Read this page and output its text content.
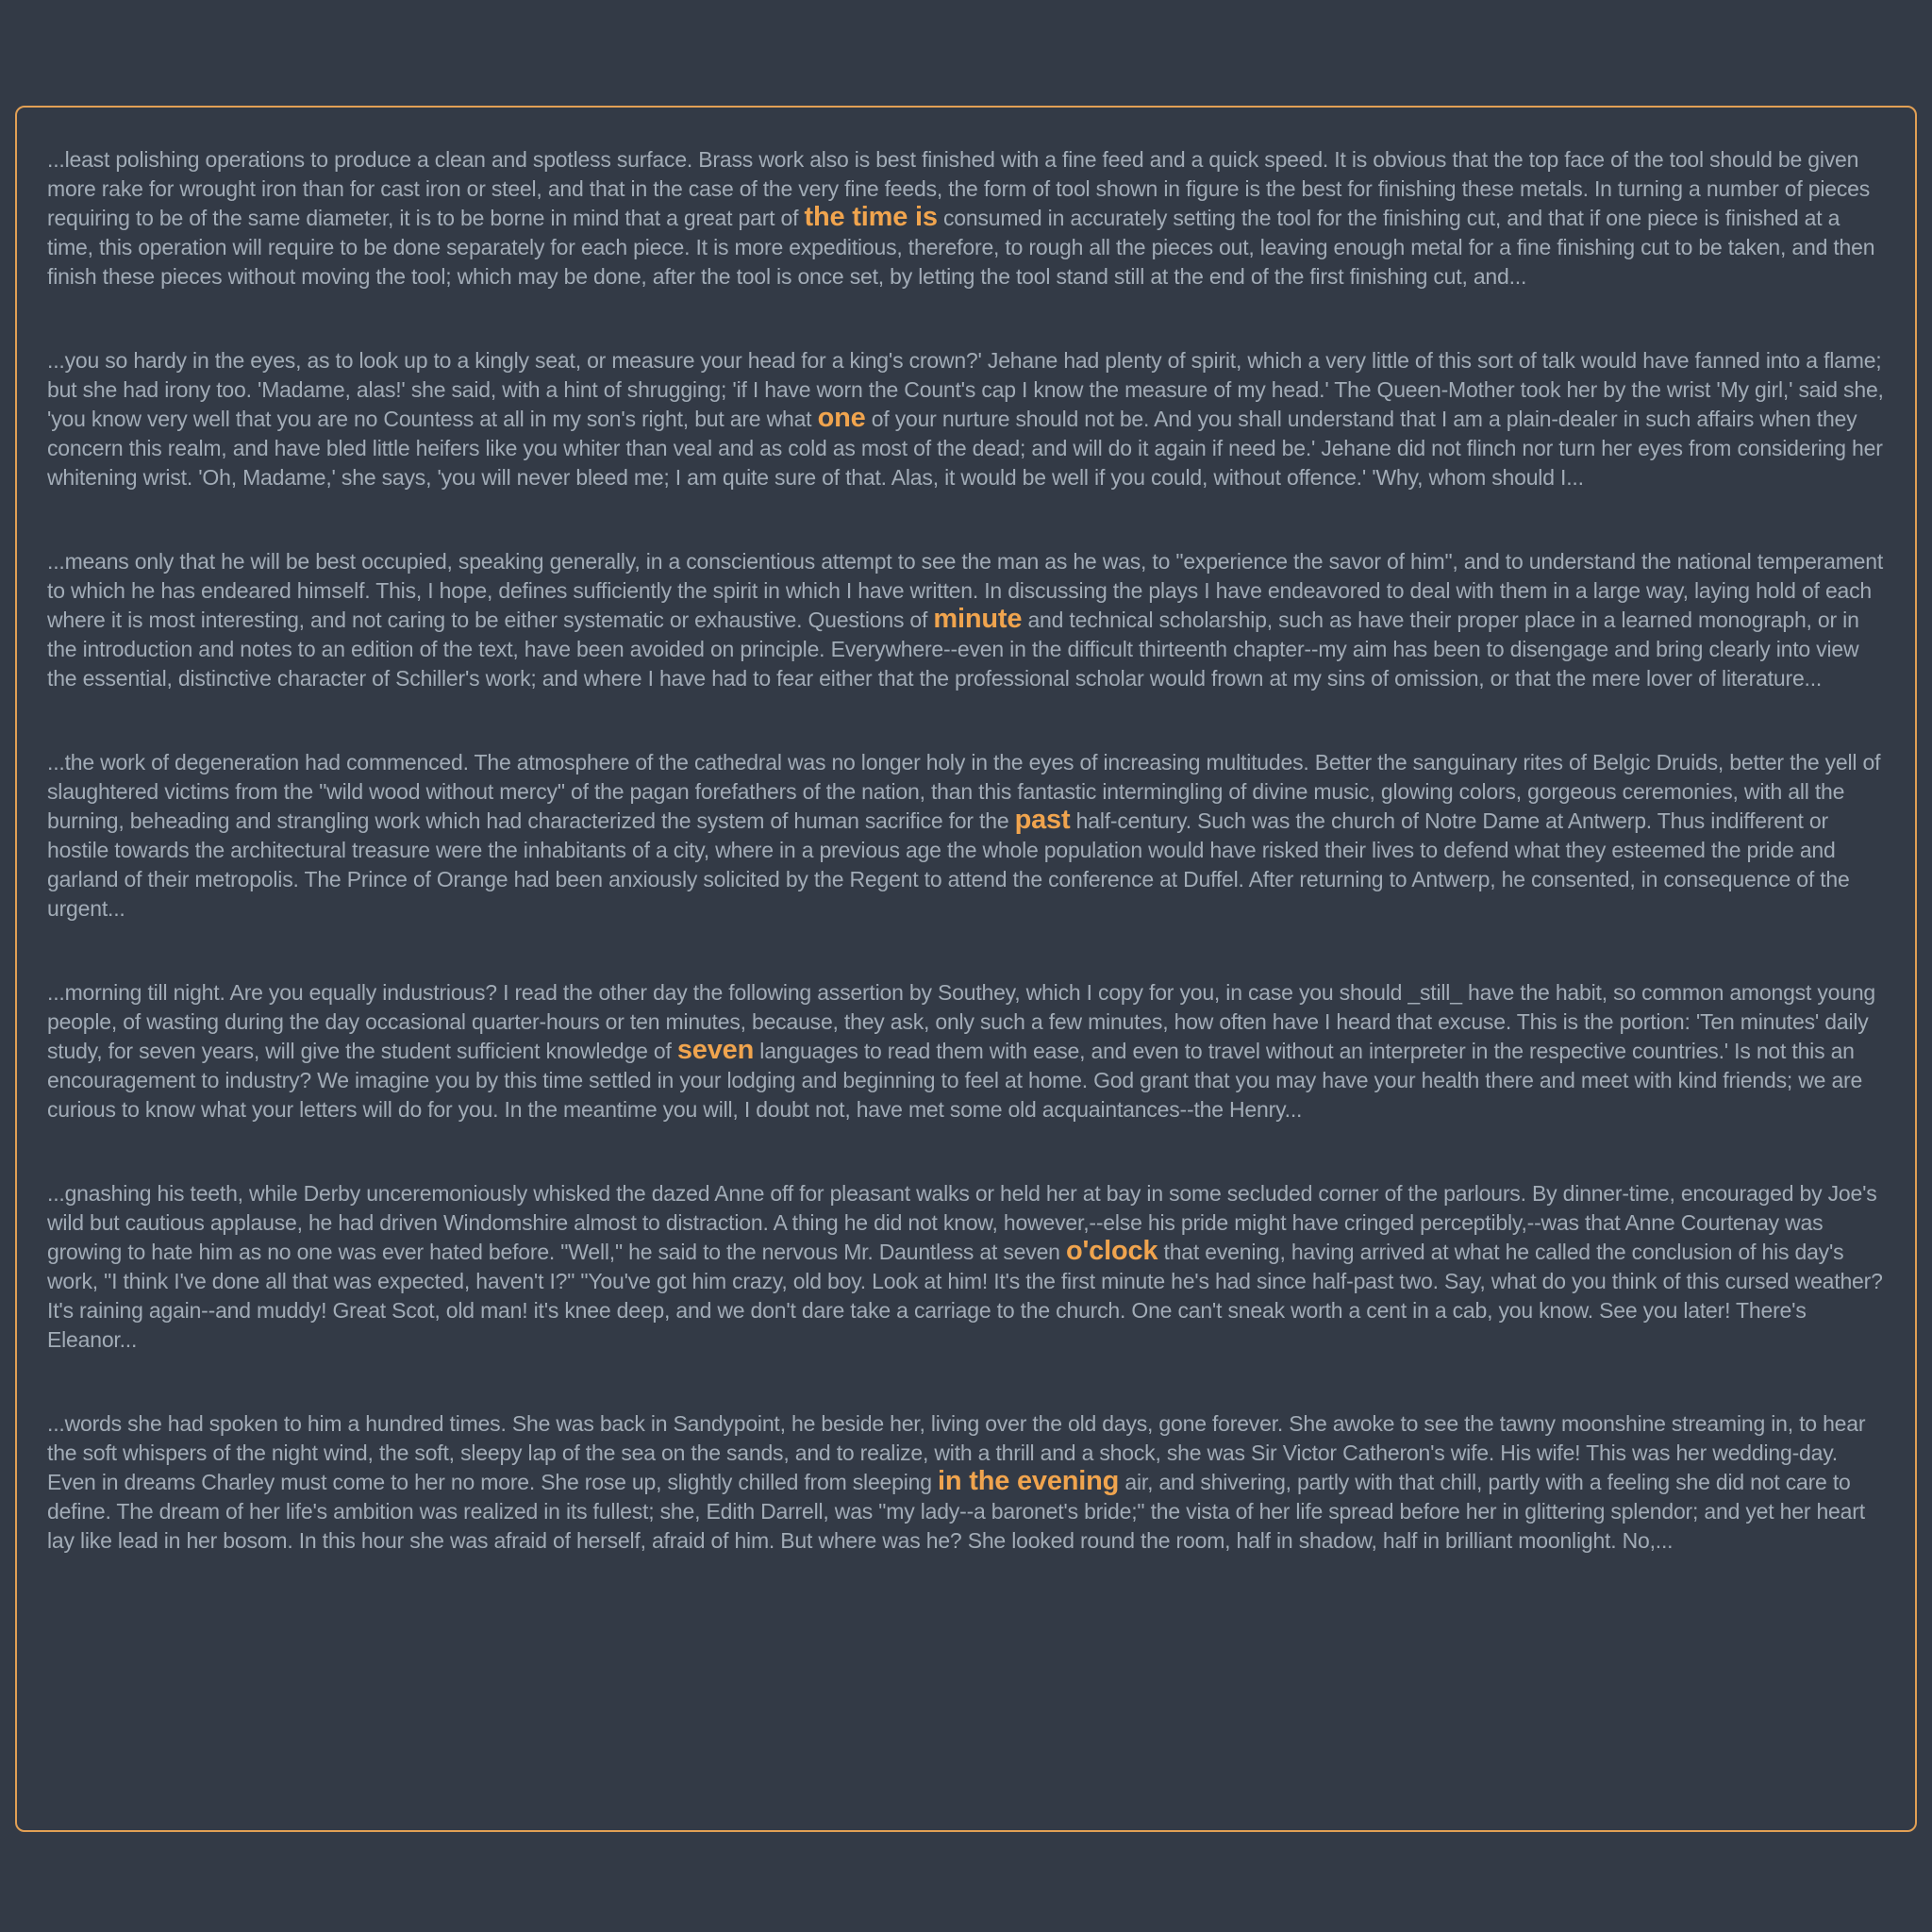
...least polishing operations to produce a clean and spotless surface. Brass work also is best finished with a fine feed and a quick speed. It is obvious that the top face of the tool should be given more rake for wrought iron than for cast iron or steel, and that in the case of the very fine feeds, the form of tool shown in figure is the best for finishing these metals. In turning a number of pieces requiring to be of the same diameter, it is to be borne in mind that a great part of the time is consumed in accurately setting the tool for the finishing cut, and that if one piece is finished at a time, this operation will require to be done separately for each piece. It is more expeditious, therefore, to rough all the pieces out, leaving enough metal for a fine finishing cut to be taken, and then finish these pieces without moving the tool; which may be done, after the tool is once set, by letting the tool stand still at the end of the first finishing cut, and...

...you so hardy in the eyes, as to look up to a kingly seat, or measure your head for a king's crown?' Jehane had plenty of spirit, which a very little of this sort of talk would have fanned into a flame; but she had irony too. 'Madame, alas!' she said, with a hint of shrugging; 'if I have worn the Count's cap I know the measure of my head.' The Queen-Mother took her by the wrist 'My girl,' said she, 'you know very well that you are no Countess at all in my son's right, but are what one of your nurture should not be. And you shall understand that I am a plain-dealer in such affairs when they concern this realm, and have bled little heifers like you whiter than veal and as cold as most of the dead; and will do it again if need be.' Jehane did not flinch nor turn her eyes from considering her whitening wrist. 'Oh, Madame,' she says, 'you will never bleed me; I am quite sure of that. Alas, it would be well if you could, without offence.' 'Why, whom should I...

...means only that he will be best occupied, speaking generally, in a conscientious attempt to see the man as he was, to "experience the savor of him", and to understand the national temperament to which he has endeared himself. This, I hope, defines sufficiently the spirit in which I have written. In discussing the plays I have endeavored to deal with them in a large way, laying hold of each where it is most interesting, and not caring to be either systematic or exhaustive. Questions of minute and technical scholarship, such as have their proper place in a learned monograph, or in the introduction and notes to an edition of the text, have been avoided on principle. Everywhere--even in the difficult thirteenth chapter--my aim has been to disengage and bring clearly into view the essential, distinctive character of Schiller's work; and where I have had to fear either that the professional scholar would frown at my sins of omission, or that the mere lover of literature...

...the work of degeneration had commenced. The atmosphere of the cathedral was no longer holy in the eyes of increasing multitudes. Better the sanguinary rites of Belgic Druids, better the yell of slaughtered victims from the "wild wood without mercy" of the pagan forefathers of the nation, than this fantastic intermingling of divine music, glowing colors, gorgeous ceremonies, with all the burning, beheading and strangling work which had characterized the system of human sacrifice for the past half-century. Such was the church of Notre Dame at Antwerp. Thus indifferent or hostile towards the architectural treasure were the inhabitants of a city, where in a previous age the whole population would have risked their lives to defend what they esteemed the pride and garland of their metropolis. The Prince of Orange had been anxiously solicited by the Regent to attend the conference at Duffel. After returning to Antwerp, he consented, in consequence of the urgent...

...morning till night. Are you equally industrious? I read the other day the following assertion by Southey, which I copy for you, in case you should _still_ have the habit, so common amongst young people, of wasting during the day occasional quarter-hours or ten minutes, because, they ask, only such a few minutes, how often have I heard that excuse. This is the portion: 'Ten minutes' daily study, for seven years, will give the student sufficient knowledge of seven languages to read them with ease, and even to travel without an interpreter in the respective countries.' Is not this an encouragement to industry? We imagine you by this time settled in your lodging and beginning to feel at home. God grant that you may have your health there and meet with kind friends; we are curious to know what your letters will do for you. In the meantime you will, I doubt not, have met some old acquaintances--the Henry...

...gnashing his teeth, while Derby unceremoniously whisked the dazed Anne off for pleasant walks or held her at bay in some secluded corner of the parlours. By dinner-time, encouraged by Joe's wild but cautious applause, he had driven Windomshire almost to distraction. A thing he did not know, however,--else his pride might have cringed perceptibly,--was that Anne Courtenay was growing to hate him as no one was ever hated before. "Well," he said to the nervous Mr. Dauntless at seven o'clock that evening, having arrived at what he called the conclusion of his day's work, "I think I've done all that was expected, haven't I?" "You've got him crazy, old boy. Look at him! It's the first minute he's had since half-past two. Say, what do you think of this cursed weather? It's raining again--and muddy! Great Scot, old man! it's knee deep, and we don't dare take a carriage to the church. One can't sneak worth a cent in a cab, you know. See you later! There's Eleanor...

...words she had spoken to him a hundred times. She was back in Sandypoint, he beside her, living over the old days, gone forever. She awoke to see the tawny moonshine streaming in, to hear the soft whispers of the night wind, the soft, sleepy lap of the sea on the sands, and to realize, with a thrill and a shock, she was Sir Victor Catheron's wife. His wife! This was her wedding-day. Even in dreams Charley must come to her no more. She rose up, slightly chilled from sleeping in the evening air, and shivering, partly with that chill, partly with a feeling she did not care to define. The dream of her life's ambition was realized in its fullest; she, Edith Darrell, was "my lady--a baronet's bride;" the vista of her life spread before her in glittering splendor; and yet her heart lay like lead in her bosom. In this hour she was afraid of herself, afraid of him. But where was he? She looked round the room, half in shadow, half in brilliant moonlight. No,...
